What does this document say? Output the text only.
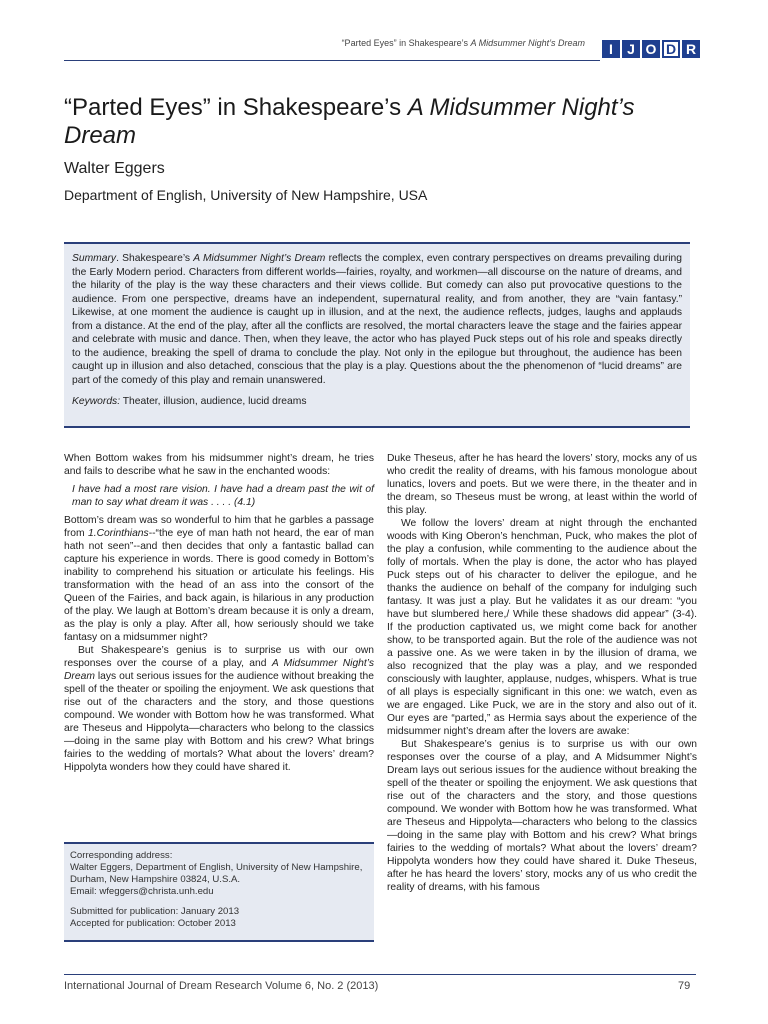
“Parted Eyes” in Shakespeare’s A Midsummer Night’s Dream	I	J O D R
“Parted Eyes” in Shakespeare’s A Midsummer Night’s Dream
Walter Eggers
Department of English, University of New Hampshire, USA

Summary. Shakespeare’s A Midsummer Night’s Dream reflects the complex, even contrary perspectives on dreams prevailing during the Early Modern period. Characters from different worlds—fairies, royalty, and workmen—all discourse on the nature of dreams, and the hilarity of the play is the way these characters and their views collide. But comedy can also put provocative questions to the audience. From one perspective, dreams have an independent, supernatural reality, and from another, they are “vain fantasy.” Likewise, at one moment the audience is caught up in illusion, and at the next, the audience reflects, judges, laughs and applauds from a distance. At the end of the play, after all the conflicts are resolved, the mortal characters leave the stage and the fairies appear and celebrate with music and dance. Then, when they leave, the actor who has played Puck steps out of his role and speaks directly to the audience, breaking the spell of drama to conclude the play. Not only in the epilogue but throughout, the audience has been caught up in illusion and also detached, conscious that the play is a play. Questions about the the phenomenon of “lucid dreams” are part of the comedy of this play and remain unanswered.

Keywords: Theater, illusion, audience, lucid dreams

When Bottom wakes from his midsummer night’s dream, he tries and fails to describe what he saw in the enchanted woods:

I have had a most rare vision. I have had a dream past the wit of man to say what dream it was . . . . (4.1)

Bottom’s dream was so wonderful to him that he garbles a passage from 1.Corinthians--“the eye of man hath not heard, the ear of man hath not seen”--and then decides that only a fantastic ballad can capture his experience in words. There is good comedy in Bottom’s inability to comprehend his situation or articulate his feelings. His transformation with the head of an ass into the consort of the Queen of the Fairies, and back again, is hilarious in any production of the play. We laugh at Bottom’s dream because it is only a dream, as the play is only a play. After all, how seriously should we take fantasy on a midsummer night?

But Shakespeare’s genius is to surprise us with our own responses over the course of a play, and A Midsummer Night’s Dream lays out serious issues for the audience without breaking the spell of the theater or spoiling the enjoyment. We ask questions that rise out of the characters and the story, and those questions compound. We wonder with Bottom how he was transformed. What are Theseus and Hippolyta—characters who belong to the classics—doing in the same play with Bottom and his crew? What brings fairies to the wedding of mortals? What about the lovers’ dream? Hippolyta wonders how they could have shared it.

Corresponding address:

Walter Eggers, Department of English, University of New Hampshire, Durham, New Hampshire 03824, U.S.A.

Email: wfeggers@christa.unh.edu

Submitted for publication: January 2013

Accepted for publication: October 2013

Duke Theseus, after he has heard the lovers’ story, mocks any of us who credit the reality of dreams, with his famous monologue about lunatics, lovers and poets. But we were there, in the theater and in the dream, so Theseus must be wrong, at least within the world of this play.

We follow the lovers’ dream at night through the enchanted woods with King Oberon’s henchman, Puck, who makes the plot of the play a confusion, while commenting to the audience about the folly of mortals. When the play is done, the actor who has played Puck steps out of his character to deliver the epilogue, and he thanks the audience on behalf of the company for indulging such fantasy. It was just a play. But he validates it as our dream: “you have but slumbered here,/ While these shadows did appear” (3-4). If the production captivated us, we might come back for another show, to be transported again. But the role of the audience was not a passive one. As we were taken in by the illusion of drama, we also recognized that the play was a play, and we responded consciously with laughter, applause, nudges, whispers. What is true of all plays is especially significant in this one: we watch, even as we are engaged. Like Puck, we are in the story and also out of it. Our eyes are “parted,” as Hermia says about the experience of the midsummer night’s dream after the lovers are awake:

But Shakespeare’s genius is to surprise us with our own responses over the course of a play, and A Midsummer Night’s Dream lays out serious issues for the audience without breaking the spell of the theater or spoiling the enjoyment. We ask questions that rise out of the characters and the story, and those questions compound. We wonder with Bottom how he was transformed. What are Theseus and Hippolyta—characters who belong to the classics—doing in the same play with Bottom and his crew? What brings fairies to the wedding of mortals? What about the lovers’ dream? Hippolyta wonders how they could have shared it. Duke Theseus, after he has heard the lovers’ story, mocks any of us who credit the reality of dreams, with his famous

International Journal of Dream Research Volume 6, No. 2 (2013)	79
